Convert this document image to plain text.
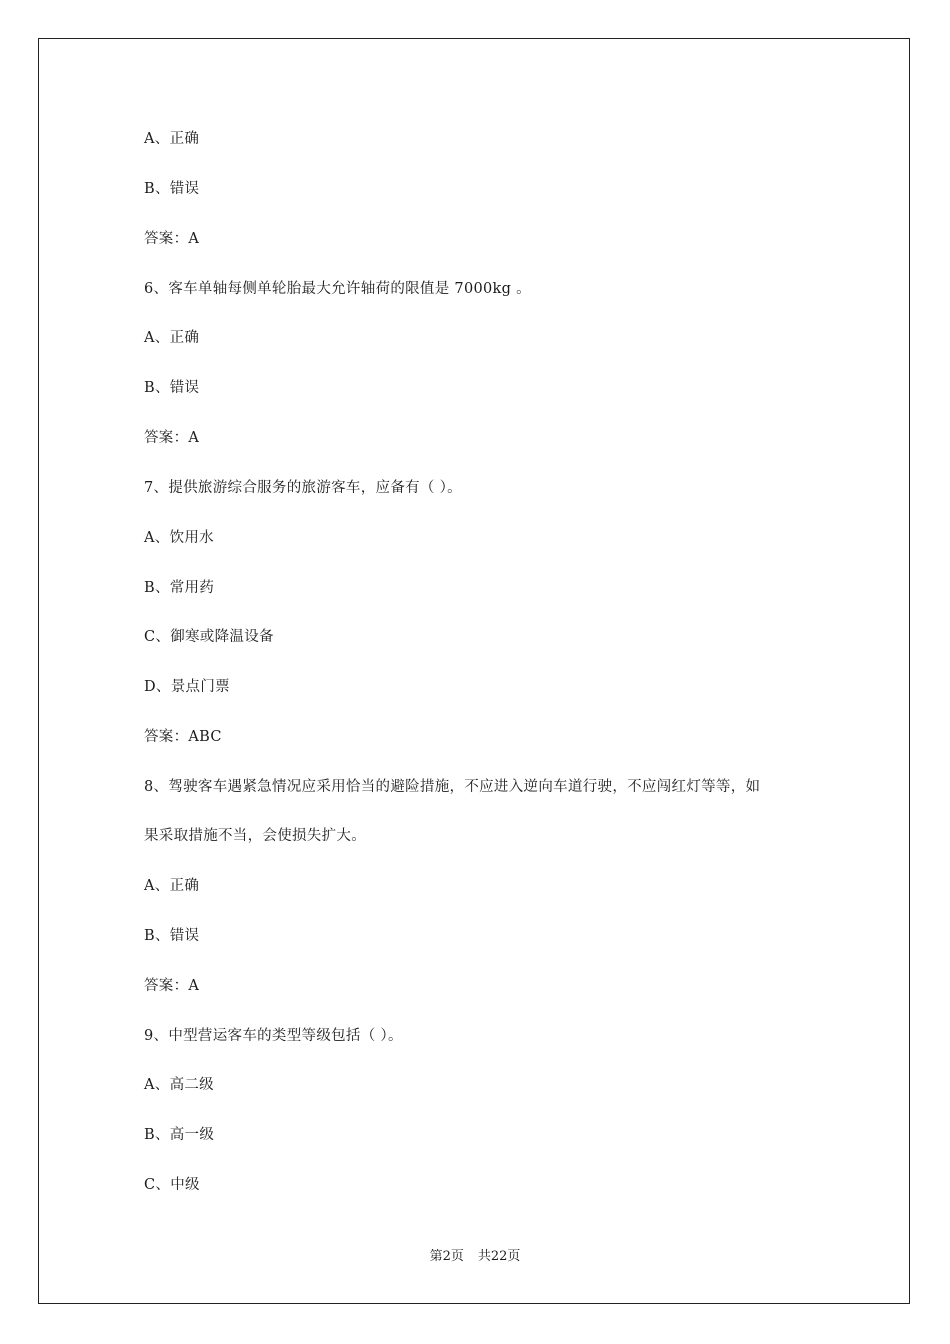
A、正确
B、错误
答案：A
6、客车单轴每侧单轮胎最大允许轴荷的限值是 7000kg 。
A、正确
B、错误
答案：A
7、提供旅游综合服务的旅游客车，应备有（ ）。
A、饮用水
B、常用药
C、御寒或降温设备
D、景点门票
答案：ABC
8、驾驶客车遇紧急情况应采用恰当的避险措施，不应进入逆向车道行驶，不应闯红灯等等，如
果采取措施不当，会使损失扩大。
A、正确
B、错误
答案：A
9、中型营运客车的类型等级包括（ ）。
A、高二级
B、高一级
C、中级
第2页 共22页
